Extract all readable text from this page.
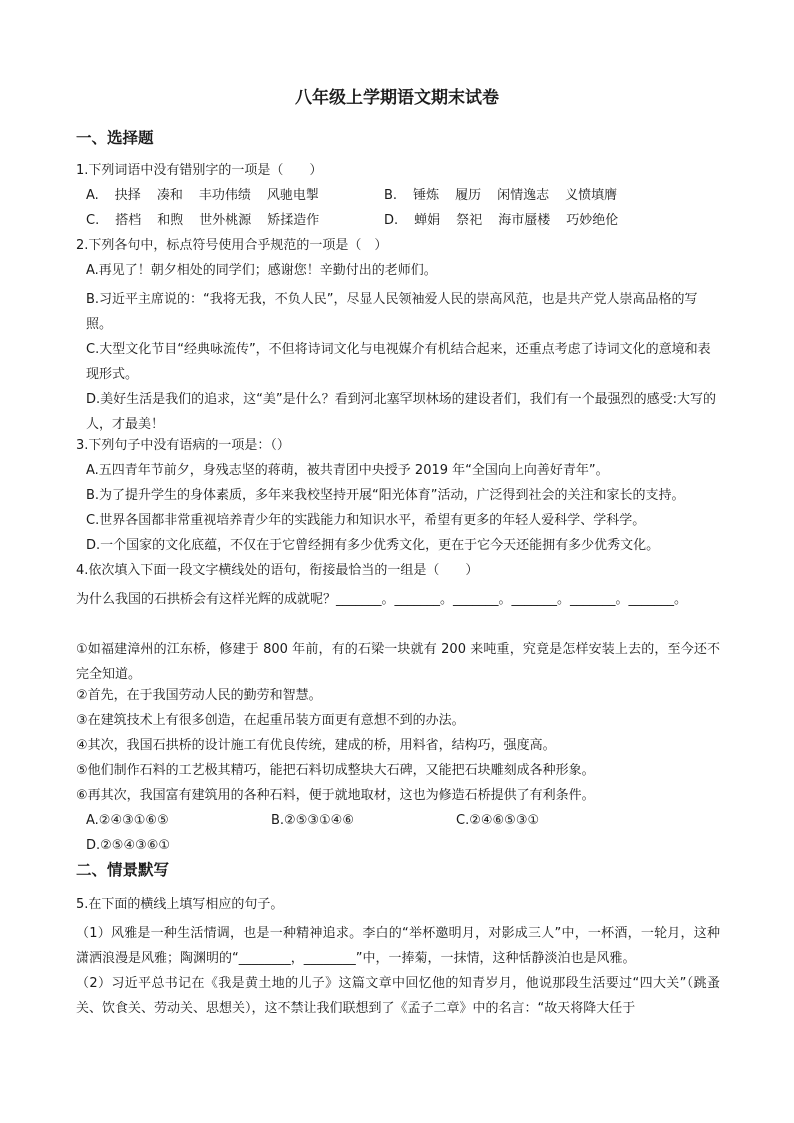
八年级上学期语文期末试卷
一、选择题
1.下列词语中没有错别字的一项是（　　）
A. 抉择 凑和 丰功伟绩 风驰电掣	B. 锤炼 履历 闲情逸志 义愤填膺
C. 搭档 和煦 世外桃源 矫揉造作	D. 蝉娟 祭祀 海市蜃楼 巧妙绝伦
2.下列各句中，标点符号使用合乎规范的一项是（　）
A.再见了！朝夕相处的同学们；感谢您！辛勤付出的老师们。
B.习近平主席说的：“我将无我，不负人民”，尽显人民领袖爱人民的崇高风范，也是共产党人崇高品格的写照。
C.大型文化节目“经典咏流传”，不但将诗词文化与电视媒介有机结合起来，还重点考虑了诗词文化的意境和表现形式。
D.美好生活是我们的追求，这“美”是什么？看到河北塞罕坝林场的建设者们，我们有一个最强烈的感受:大写的人，才最美！
3.下列句子中没有语病的一项是：（）
A.五四青年节前夕，身残志坚的蒋萌，被共青团中央授予 2019 年“全国向上向善好青年”。
B.为了提升学生的身体素质，多年来我校坚持开展“阳光体育”活动，广泛得到社会的关注和家长的支持。
C.世界各国都非常重视培养青少年的实践能力和知识水平，希望有更多的年轻人爱科学、学科学。
D.一个国家的文化底蕴，不仅在于它曾经拥有多少优秀文化，更在于它今天还能拥有多少优秀文化。
4.依次填入下面一段文字横线处的语句，衔接最恰当的一组是（　　）
为什么我国的石拱桥会有这样光辉的成就呢？_______。_______。_______。_______。_______。_______。
①如福建漳州的江东桥，修建于 800 年前，有的石梁一块就有 200 来吨重，究竟是怎样安装上去的，至今还不完全知道。
②首先，在于我国劳动人民的勤劳和智慧。
③在建筑技术上有很多创造，在起重吊装方面更有意想不到的办法。
④其次，我国石拱桥的设计施工有优良传统，建成的桥，用料省，结构巧，强度高。
⑤他们制作石料的工艺极其精巧，能把石料切成整块大石碑，又能把石块雕刻成各种形象。
⑥再其次，我国富有建筑用的各种石料，便于就地取材，这也为修造石桥提供了有利条件。
A.②④③①⑥⑤	B.②⑤③①④⑥	C.②④⑥⑤③①
D.②⑤④③⑥①
二、情景默写
5.在下面的横线上填写相应的句子。
（1）风雅是一种生活情调，也是一种精神追求。李白的“举杯邀明月，对影成三人”中，一杯酒，一轮月，这种潇洒浪漫是风雅；陶渊明的“________，________”中，一捧菊，一抹情，这种恬静淡泊也是风雅。
（2）习近平总书记在《我是黄土地的儿子》这篇文章中回忆他的知青岁月，他说那段生活要过“四大关”（跳蚤关、饮食关、劳动关、思想关），这不禁让我们联想到了《孟子二章》中的名言：“故天将降大任于
